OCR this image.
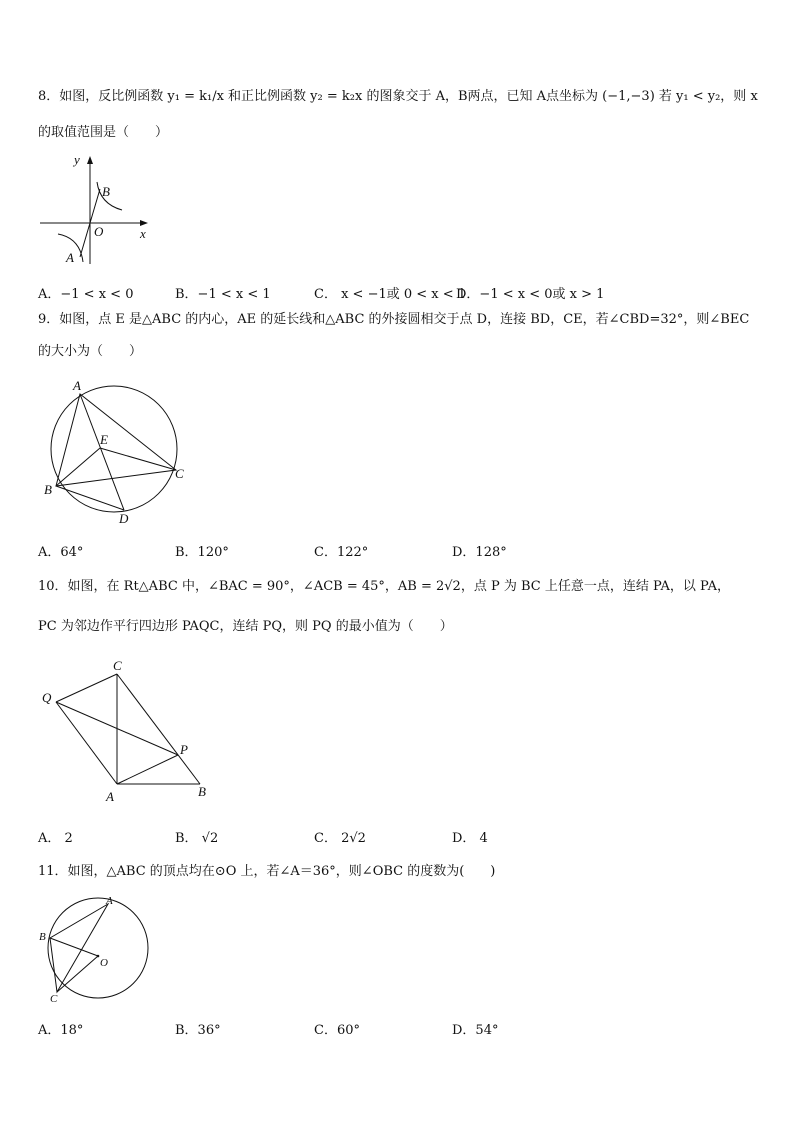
8．如图，反比例函数 y₁ = k₁/x 和正比例函数 y₂ = k₂x 的图象交于 A，B两点，已知 A点坐标为 (−1,−3) 若 y₁ < y₂，则 x
的取值范围是（　　）
y
x
O
B
A
A．−1 < x < 0	B．−1 < x < 1	C． x < −1或 0 < x < 1
D．−1 < x < 0或 x > 1
9．如图，点 E 是△ABC 的内心，AE 的延长线和△ABC 的外接圆相交于点 D，连接 BD，CE，若∠CBD=32°，则∠BEC
的大小为（　　）
A
E
B
C
D
A．64°	B．120°	C．122°	D．128°
10．如图，在 Rt△ABC 中，∠BAC = 90°，∠ACB = 45°，AB = 2√2，点 P 为 BC 上任意一点，连结 PA，以 PA，
PC 为邻边作平行四边形 PAQC，连结 PQ，则 PQ 的最小值为（　　）
C
Q
P
A	B
A． 2	B． √2	C． 2√2	D． 4
11．如图，△ABC 的顶点均在⊙O 上，若∠A＝36°，则∠OBC 的度数为(　　)
A
B
O
C
A．18°	B．36°	C．60°	D．54°
